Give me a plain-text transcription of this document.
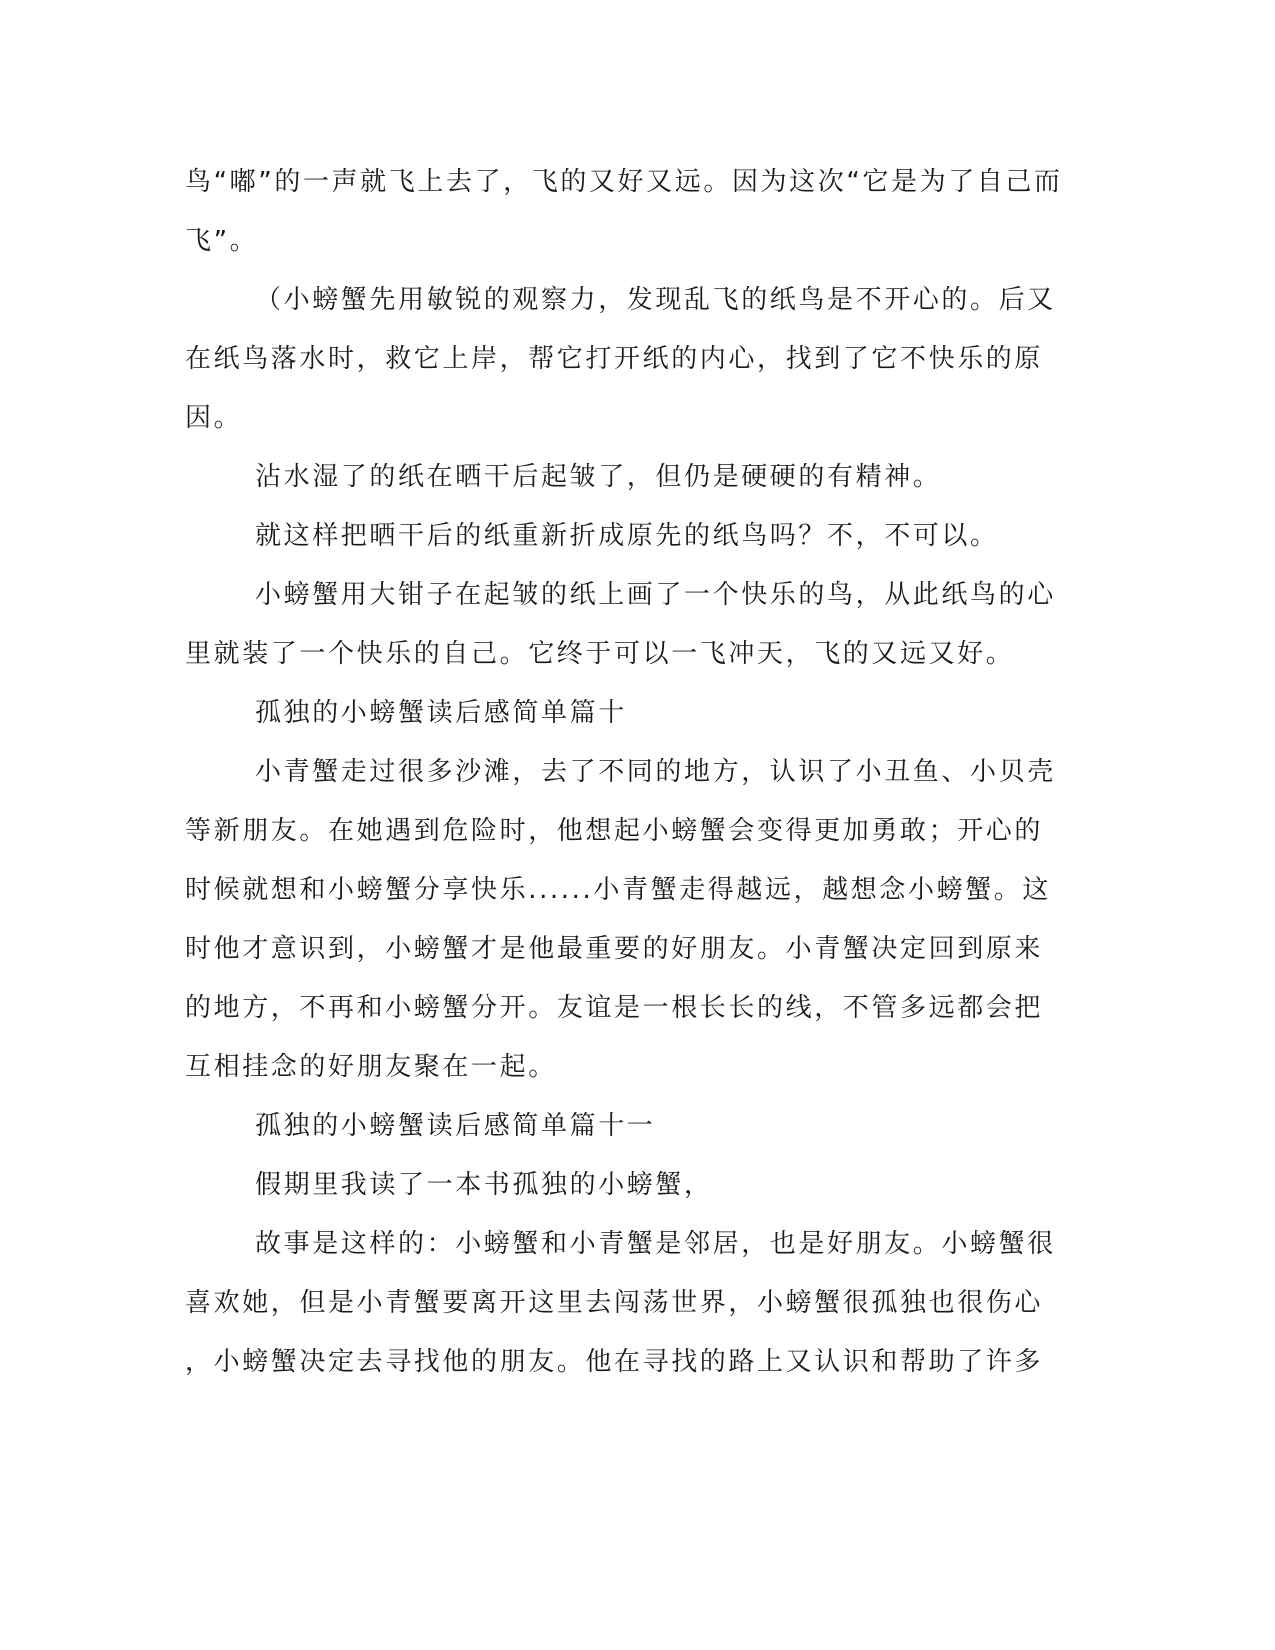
鸟“嘟”的一声就飞上去了，飞的又好又远。因为这次“它是为了自己而
飞”。
（小螃蟹先用敏锐的观察力，发现乱飞的纸鸟是不开心的。后又
在纸鸟落水时，救它上岸，帮它打开纸的内心，找到了它不快乐的原
因。
沾水湿了的纸在晒干后起皱了，但仍是硬硬的有精神。
就这样把晒干后的纸重新折成原先的纸鸟吗？不，不可以。
小螃蟹用大钳子在起皱的纸上画了一个快乐的鸟，从此纸鸟的心
里就装了一个快乐的自己。它终于可以一飞冲天，飞的又远又好。
孤独的小螃蟹读后感简单篇十
小青蟹走过很多沙滩，去了不同的地方，认识了小丑鱼、小贝壳
等新朋友。在她遇到危险时，他想起小螃蟹会变得更加勇敢；开心的
时候就想和小螃蟹分享快乐......小青蟹走得越远，越想念小螃蟹。这
时他才意识到，小螃蟹才是他最重要的好朋友。小青蟹决定回到原来
的地方，不再和小螃蟹分开。友谊是一根长长的线，不管多远都会把
互相挂念的好朋友聚在一起。
孤独的小螃蟹读后感简单篇十一
假期里我读了一本书孤独的小螃蟹，
故事是这样的：小螃蟹和小青蟹是邻居，也是好朋友。小螃蟹很
喜欢她，但是小青蟹要离开这里去闯荡世界，小螃蟹很孤独也很伤心
，小螃蟹决定去寻找他的朋友。他在寻找的路上又认识和帮助了许多
